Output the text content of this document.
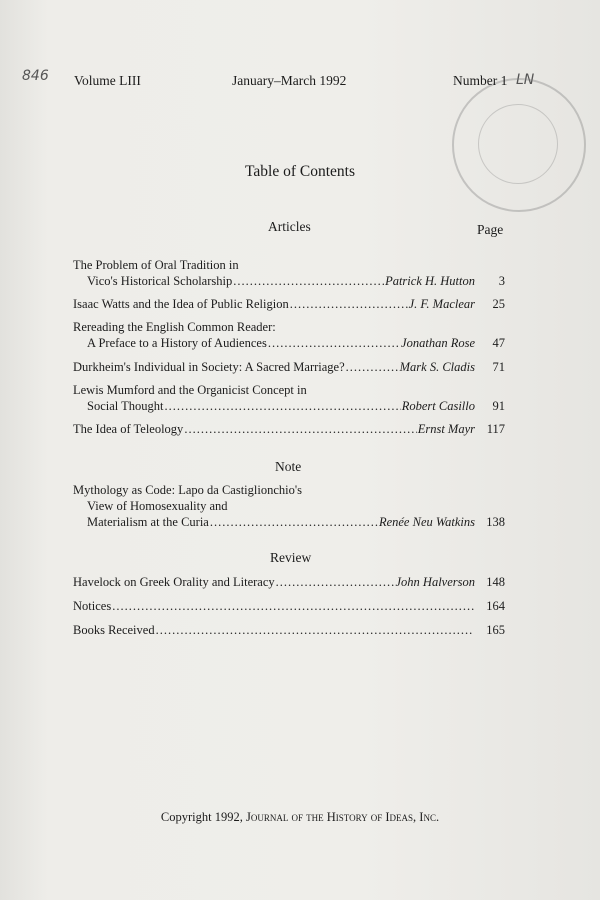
846	LN
Volume LIII	January–March 1992	Number 1
Table of Contents
Articles	Page
The Problem of Oral Tradition in
Vico's Historical Scholarship .....	Patrick H. Hutton	3
Isaac Watts and the Idea of Public Religion .....	J. F. Maclear	25
Rereading the English Common Reader:
A Preface to a History of Audiences .....	Jonathan Rose	47
Durkheim's Individual in Society: A Sacred Marriage? .....	Mark S. Cladis	71
Lewis Mumford and the Organicist Concept in
Social Thought .....	Robert Casillo	91
The Idea of Teleology .....	Ernst Mayr 117
Note
Mythology as Code: Lapo da Castiglionchio's
View of Homosexuality and
Materialism at the Curia .....	Renée Neu Watkins 138
Review
Havelock on Greek Orality and Literacy .....	John Halverson 148
Notices .....	164
Books Received .....	165
Copyright 1992, Journal of the History of Ideas, Inc.
